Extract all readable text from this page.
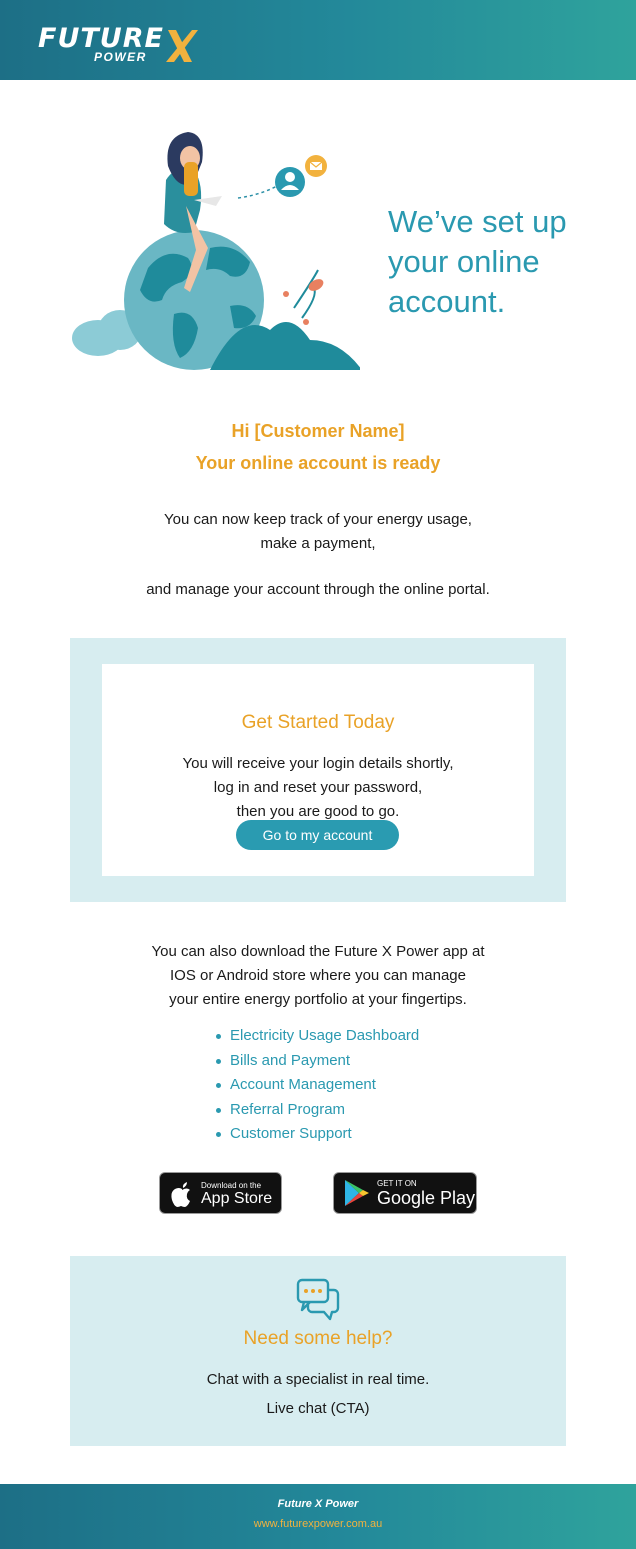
FUTURE
POWER
We’ve set up your online account.
Hi [Customer Name]
Your online account is ready
You can now keep track of your energy usage,
make a payment,
and manage your account through the online portal.
Get Started Today
You will receive your login details shortly,
log in and reset your password,
then you are good to go.
Go to my account
You can also download the Future X Power app at
IOS or Android store where you can manage
your entire energy portfolio at your fingertips.
Electricity Usage Dashboard
Bills and Payment
Account Management
Referral Program
Customer Support
Download on the
App Store
GET IT ON
Google Play
Need some help?
Chat with a specialist in real time.
Live chat (CTA)
Future X Power
www.futurexpower.com.au
